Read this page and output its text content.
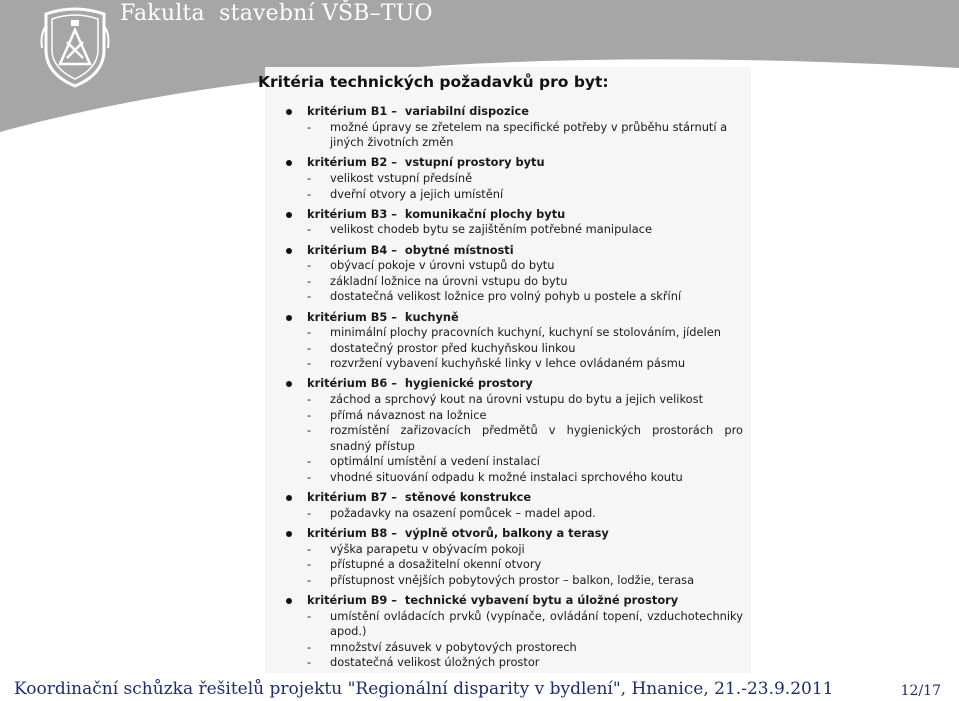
Fakulta  stavební VŠB–TUO
Kritéria technických požadavků pro byt:
kritérium B1 –  variabilní dispozice
- možné úpravy se zřetelem na specifické potřeby v průběhu stárnutí a jiných životních změn
kritérium B2 –  vstupní prostory bytu
- velikost vstupní předsíně
- dveřní otvory a jejich umístění
kritérium B3 –  komunikační plochy bytu
- velikost chodeb bytu se zajištěním potřebné manipulace
kritérium B4 –  obytné místnosti
- obývací pokoje v úrovni vstupů do bytu
- základní ložnice na úrovni vstupu do bytu
- dostatečná velikost ložnice pro volný pohyb u postele a skříní
kritérium B5 –  kuchyně
- minimální plochy pracovních kuchyní, kuchyní se stolováním, jídelen
- dostatečný prostor před kuchyňskou linkou
- rozvržení vybavení kuchyňské linky v lehce ovládaném pásmu
kritérium B6 –  hygienické prostory
- záchod a sprchový kout na úrovni vstupu do bytu a jejich velikost
- přímá návaznost na ložnice
- rozmístění zařizovacích předmětů v hygienických prostorách pro snadný přístup
- optimální umístění a vedení instalací
- vhodné situování odpadu k možné instalaci sprchového koutu
kritérium B7 –  stěnové konstrukce
- požadavky na osazení pomůcek – madel apod.
kritérium B8 –  výplně otvorů, balkony a terasy
- výška parapetu v obývacím pokoji
- přístupné a dosažitelní okenní otvory
- přístupnost vnějších pobytových prostor – balkon, lodžie, terasa
kritérium B9 –  technické vybavení bytu a úložné prostory
- umístění ovládacích prvků (vypínače, ovládání topení, vzduchotechniky apod.)
- množství zásuvek v pobytových prostorech
- dostatečná velikost úložných prostor
Koordinační schůzka řešitelů projektu "Regionální disparity v bydlení", Hnanice, 21.-23.9.2011	12/17
